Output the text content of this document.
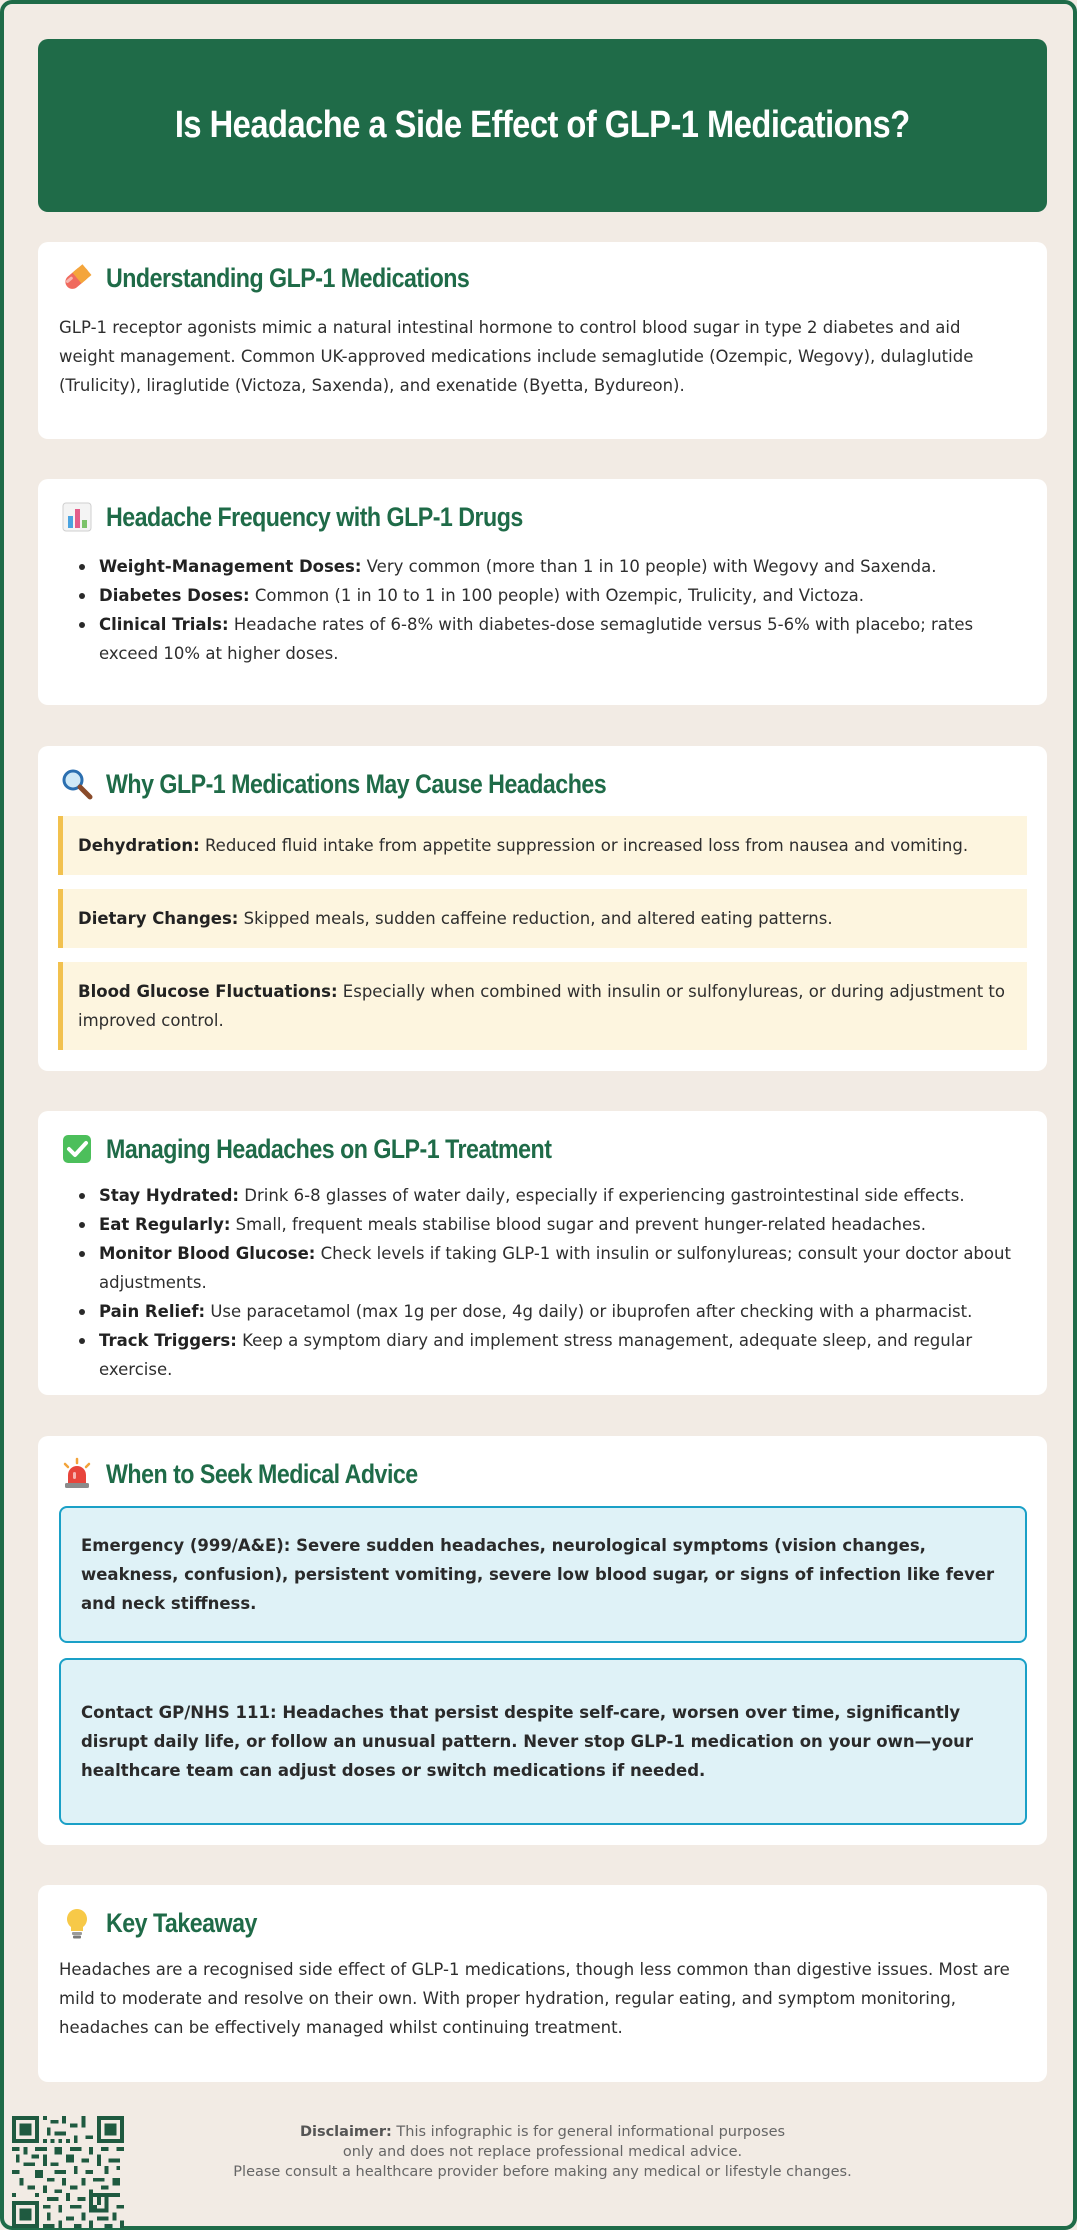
Is Headache a Side Effect of GLP-1 Medications?
Understanding GLP-1 Medications

GLP-1 receptor agonists mimic a natural intestinal hormone to control blood sugar in type 2 diabetes and aid weight management. Common UK-approved medications include semaglutide (Ozempic, Wegovy), dulaglutide (Trulicity), liraglutide (Victoza, Saxenda), and exenatide (Byetta, Bydureon).

Headache Frequency with GLP-1 Drugs
Weight-Management Doses: Very common (more than 1 in 10 people) with Wegovy and Saxenda.
Diabetes Doses: Common (1 in 10 to 1 in 100 people) with Ozempic, Trulicity, and Victoza.
Clinical Trials: Headache rates of 6-8% with diabetes-dose semaglutide versus 5-6% with placebo; rates exceed 10% at higher doses.
Why GLP-1 Medications May Cause Headaches
Dehydration: Reduced fluid intake from appetite suppression or increased loss from nausea and vomiting.
Dietary Changes: Skipped meals, sudden caffeine reduction, and altered eating patterns.
Blood Glucose Fluctuations: Especially when combined with insulin or sulfonylureas, or during adjustment to improved control.
Managing Headaches on GLP-1 Treatment
Stay Hydrated: Drink 6-8 glasses of water daily, especially if experiencing gastrointestinal side effects.
Eat Regularly: Small, frequent meals stabilise blood sugar and prevent hunger-related headaches.
Monitor Blood Glucose: Check levels if taking GLP-1 with insulin or sulfonylureas; consult your doctor about adjustments.
Pain Relief: Use paracetamol (max 1g per dose, 4g daily) or ibuprofen after checking with a pharmacist.
Track Triggers: Keep a symptom diary and implement stress management, adequate sleep, and regular exercise.
When to Seek Medical Advice
Emergency (999/A&E): Severe sudden headaches, neurological symptoms (vision changes, weakness, confusion), persistent vomiting, severe low blood sugar, or signs of infection like fever and neck stiffness.
Contact GP/NHS 111: Headaches that persist despite self-care, worsen over time, significantly disrupt daily life, or follow an unusual pattern. Never stop GLP-1 medication on your own—your healthcare team can adjust doses or switch medications if needed.
Key Takeaway

Headaches are a recognised side effect of GLP-1 medications, though less common than digestive issues. Most are mild to moderate and resolve on their own. With proper hydration, regular eating, and symptom monitoring, headaches can be effectively managed whilst continuing treatment.

Disclaimer: This infographic is for general informational purposes
only and does not replace professional medical advice.
Please consult a healthcare provider before making any medical or lifestyle changes.
